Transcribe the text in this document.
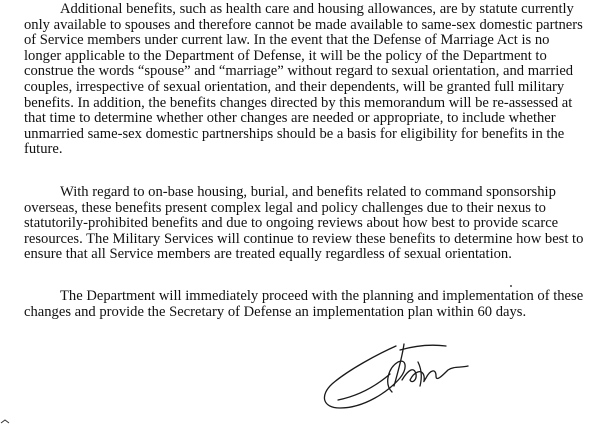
Additional benefits, such as health care and housing allowances, are by statute currently
only available to spouses and therefore cannot be made available to same-sex domestic partners
of Service members under current law. In the event that the Defense of Marriage Act is no
longer applicable to the Department of Defense, it will be the policy of the Department to
construe the words “spouse” and “marriage” without regard to sexual orientation, and married
couples, irrespective of sexual orientation, and their dependents, will be granted full military
benefits. In addition, the benefits changes directed by this memorandum will be re-assessed at
that time to determine whether other changes are needed or appropriate, to include whether
unmarried same-sex domestic partnerships should be a basis for eligibility for benefits in the
future.

With regard to on-base housing, burial, and benefits related to command sponsorship
overseas, these benefits present complex legal and policy challenges due to their nexus to
statutorily-prohibited benefits and due to ongoing reviews about how best to provide scarce
resources. The Military Services will continue to review these benefits to determine how best to
ensure that all Service members are treated equally regardless of sexual orientation.

The Department will immediately proceed with the planning and implementation of these
changes and provide the Secretary of Defense an implementation plan within 60 days.
